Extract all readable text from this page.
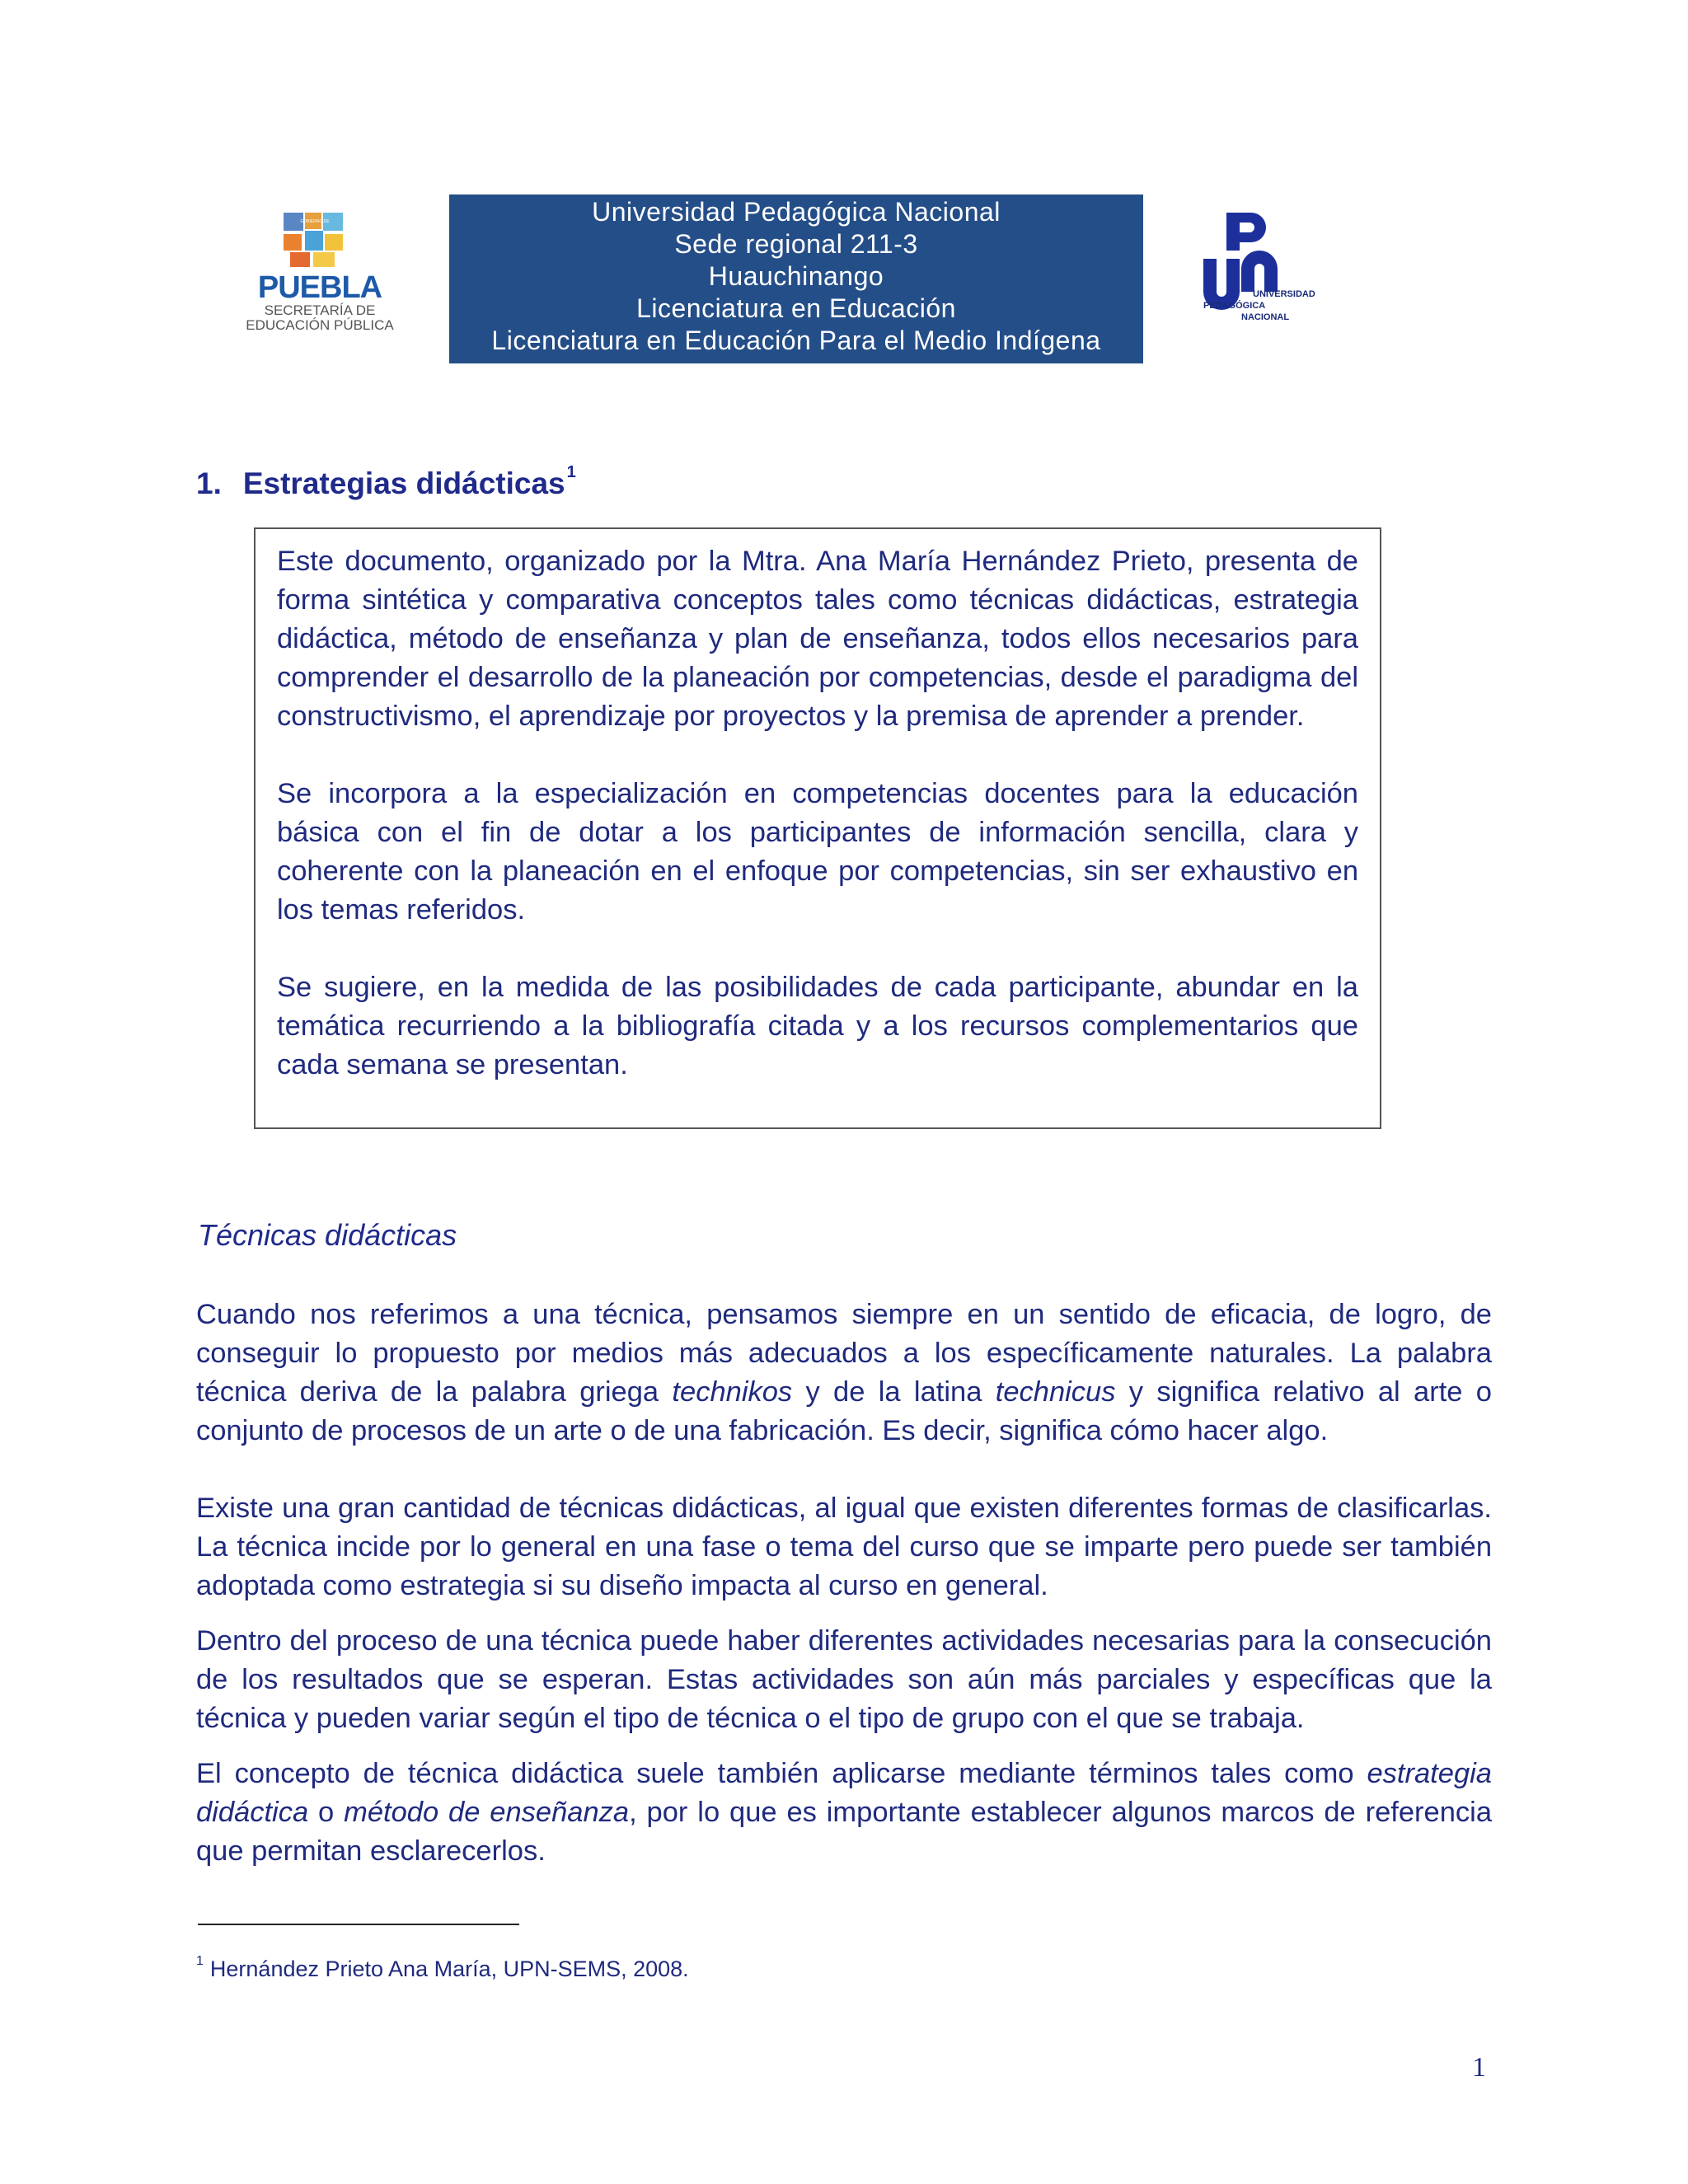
GOBIERNO DE
PUEBLA
SECRETARÍA DE
EDUCACIÓN PÚBLICA
Universidad Pedagógica Nacional
Sede regional 211-3
Huauchinango
Licenciatura en Educación
Licenciatura en Educación Para el Medio Indígena
UNIVERSIDAD
PEDAGÓGICA
NACIONAL
1. Estrategias didácticas $^1$

Este documento, organizado por la Mtra. Ana María Hernández Prieto, presenta de forma sintética y comparativa conceptos tales como técnicas didácticas, estrategia didáctica, método de enseñanza y plan de enseñanza, todos ellos necesarios para comprender el desarrollo de la planeación por competencias, desde el paradigma del constructivismo, el aprendizaje por proyectos y la premisa de aprender a prender.

Se incorpora a la especialización en competencias docentes para la educación básica con el fin de dotar a los participantes de información sencilla, clara y coherente con la planeación en el enfoque por competencias, sin ser exhaustivo en los temas referidos.

Se sugiere, en la medida de las posibilidades de cada participante, abundar en la temática recurriendo a la bibliografía citada y a los recursos complementarios que cada semana se presentan.

Técnicas didácticas

Cuando nos referimos a una técnica, pensamos siempre en un sentido de eficacia, de logro, de conseguir lo propuesto por medios más adecuados a los específicamente naturales. La palabra técnica deriva de la palabra griega technikos y de la latina technicus y significa relativo al arte o conjunto de procesos de un arte o de una fabricación. Es decir, significa cómo hacer algo.

Existe una gran cantidad de técnicas didácticas, al igual que existen diferentes formas de clasificarlas. La técnica incide por lo general en una fase o tema del curso que se imparte pero puede ser también adoptada como estrategia si su diseño impacta al curso en general.

Dentro del proceso de una técnica puede haber diferentes actividades necesarias para la consecución de los resultados que se esperan. Estas actividades son aún más parciales y específicas que la técnica y pueden variar según el tipo de técnica o el tipo de grupo con el que se trabaja.

El concepto de técnica didáctica suele también aplicarse mediante términos tales como estrategia didáctica o método de enseñanza, por lo que es importante establecer algunos marcos de referencia que permitan esclarecerlos.

$^1$ Hernández Prieto Ana María, UPN-SEMS, 2008.
1
